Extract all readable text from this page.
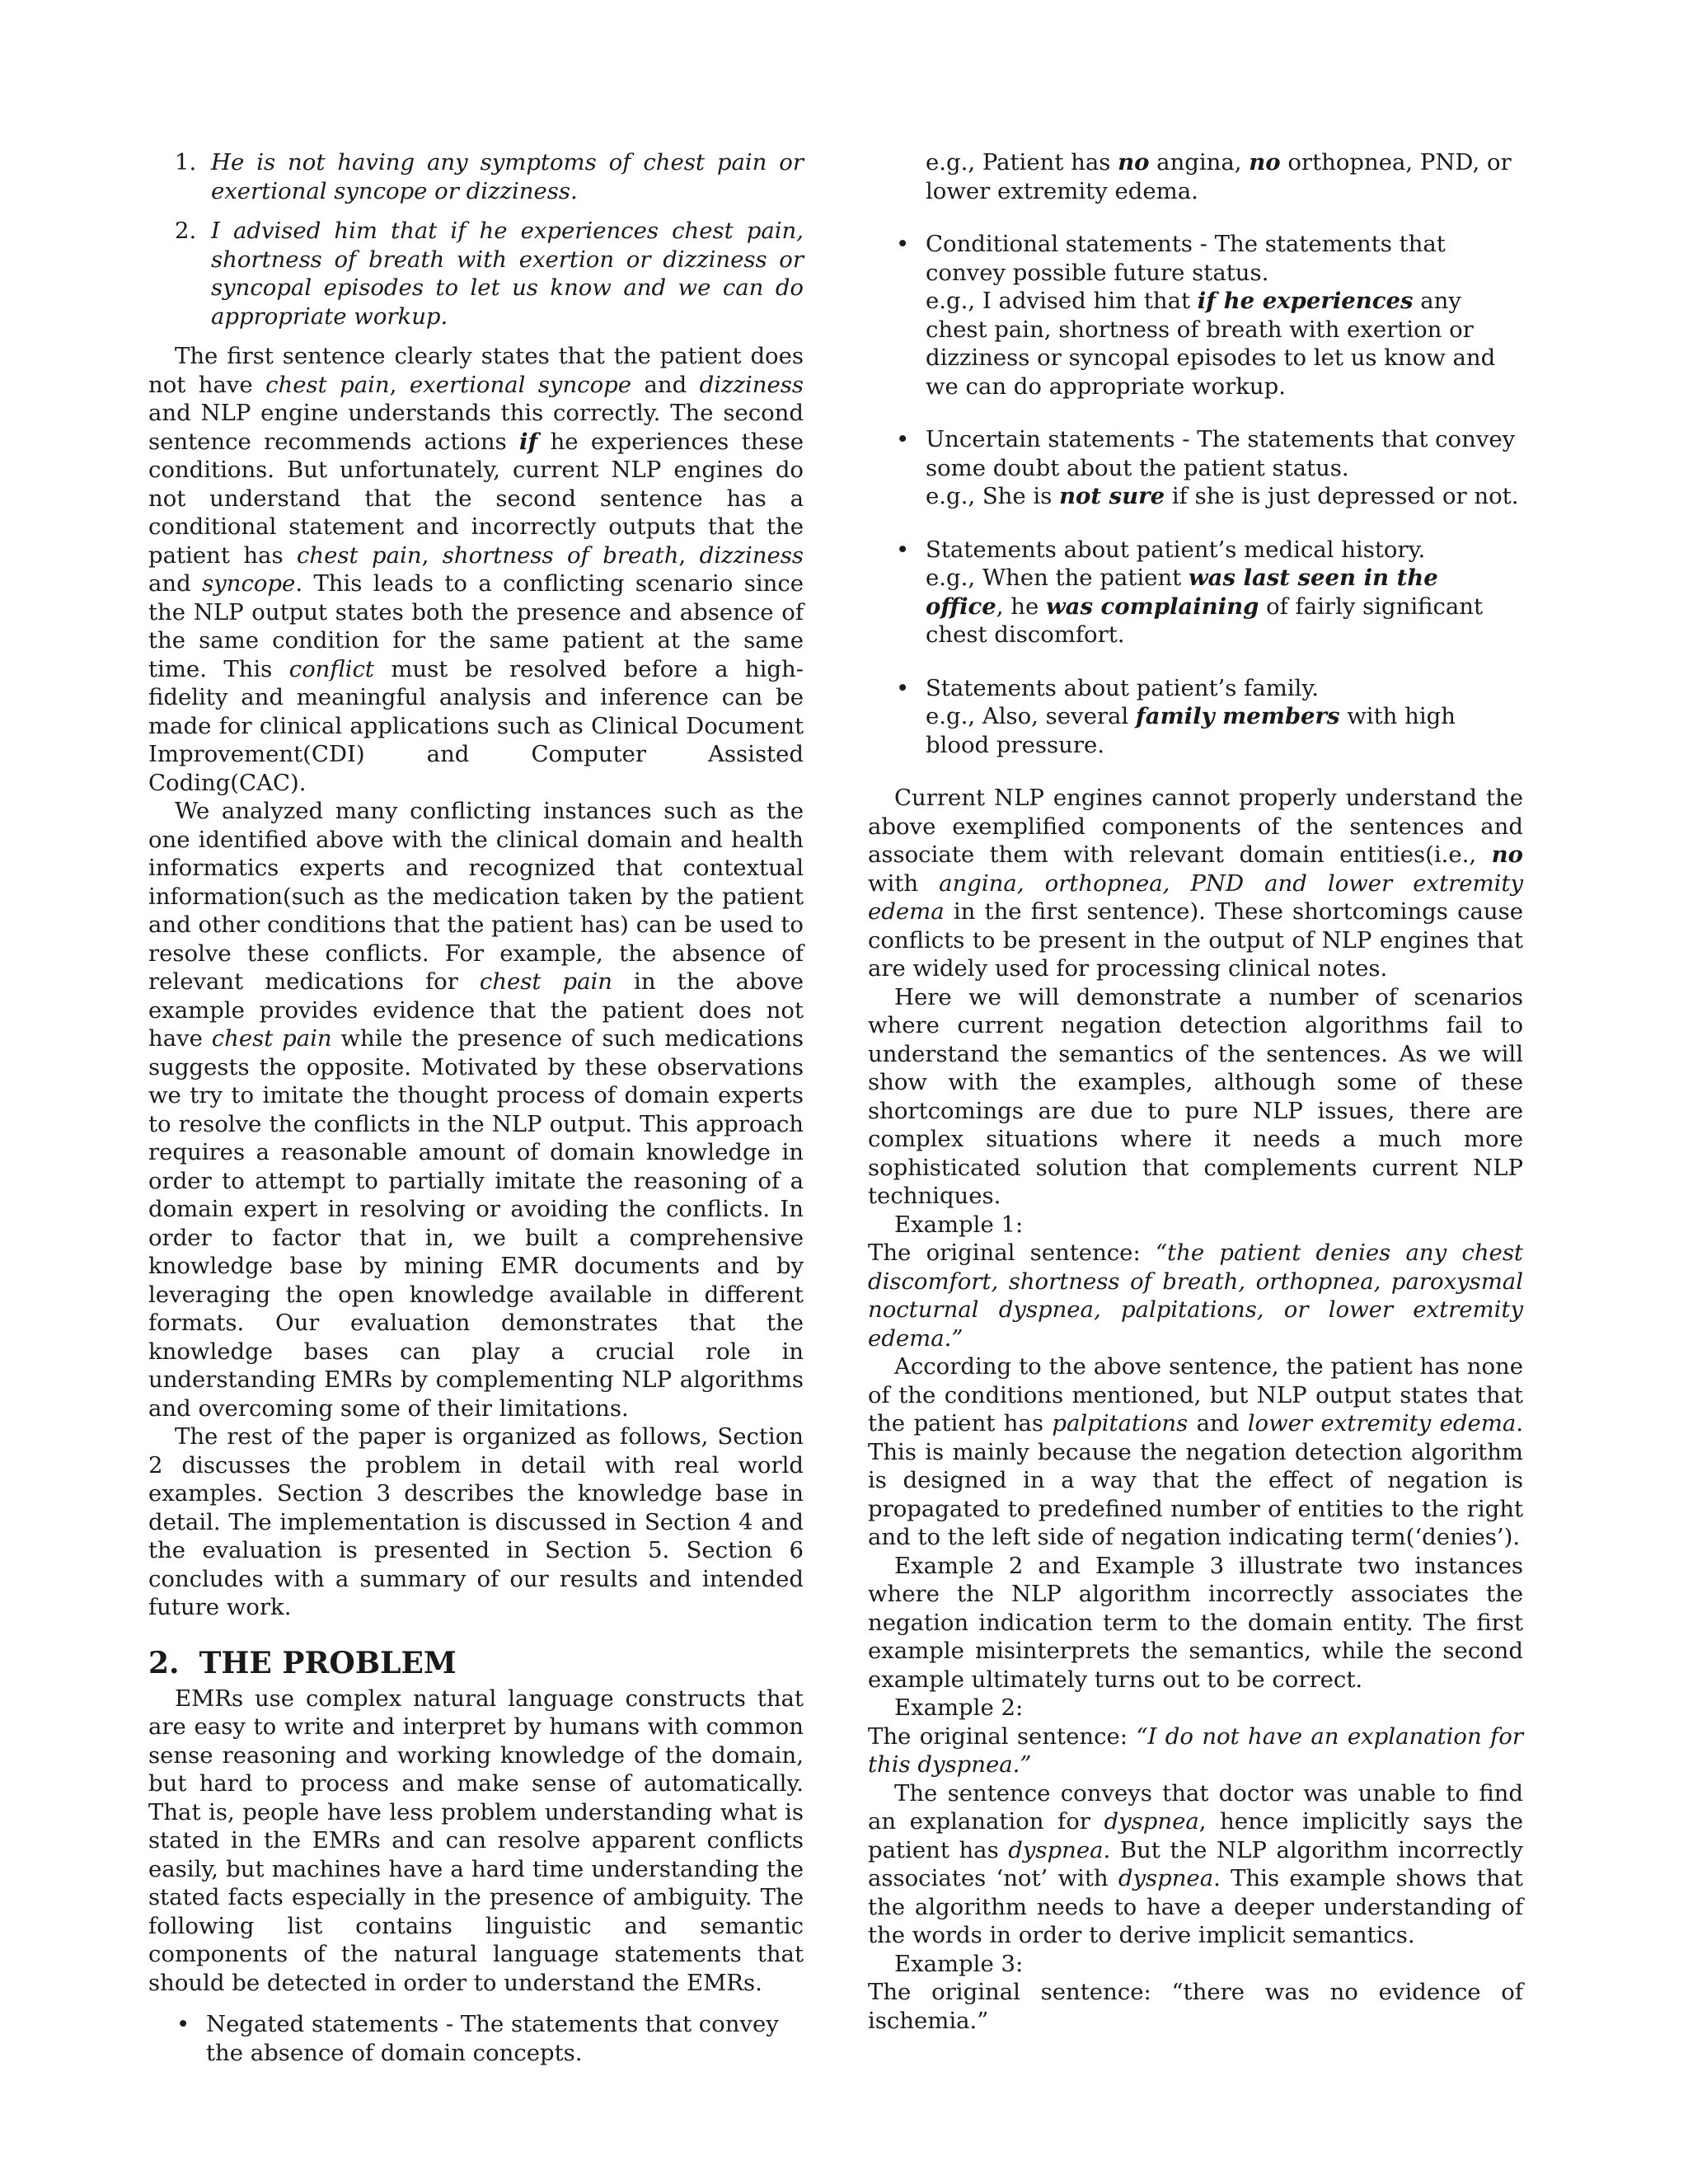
1. He is not having any symptoms of chest pain or exertional syncope or dizziness.
2. I advised him that if he experiences chest pain, shortness of breath with exertion or dizziness or syncopal episodes to let us know and we can do appropriate workup.

The first sentence clearly states that the patient does not have chest pain, exertional syncope and dizziness and NLP engine understands this correctly. The second sentence recommends actions if he experiences these conditions. But unfortunately, current NLP engines do not understand that the second sentence has a conditional statement and incorrectly outputs that the patient has chest pain, shortness of breath, dizziness and syncope. This leads to a conflicting scenario since the NLP output states both the presence and absence of the same condition for the same patient at the same time. This conflict must be resolved before a high-fidelity and meaningful analysis and inference can be made for clinical applications such as Clinical Document Improvement(CDI) and Computer Assisted Coding(CAC).

We analyzed many conflicting instances such as the one identified above with the clinical domain and health informatics experts and recognized that contextual information(such as the medication taken by the patient and other conditions that the patient has) can be used to resolve these conflicts. For example, the absence of relevant medications for chest pain in the above example provides evidence that the patient does not have chest pain while the presence of such medications suggests the opposite. Motivated by these observations we try to imitate the thought process of domain experts to resolve the conflicts in the NLP output. This approach requires a reasonable amount of domain knowledge in order to attempt to partially imitate the reasoning of a domain expert in resolving or avoiding the conflicts. In order to factor that in, we built a comprehensive knowledge base by mining EMR documents and by leveraging the open knowledge available in different formats. Our evaluation demonstrates that the knowledge bases can play a crucial role in understanding EMRs by complementing NLP algorithms and overcoming some of their limitations.

The rest of the paper is organized as follows, Section 2 discusses the problem in detail with real world examples. Section 3 describes the knowledge base in detail. The implementation is discussed in Section 4 and the evaluation is presented in Section 5. Section 6 concludes with a summary of our results and intended future work.

2. THE PROBLEM

EMRs use complex natural language constructs that are easy to write and interpret by humans with common sense reasoning and working knowledge of the domain, but hard to process and make sense of automatically. That is, people have less problem understanding what is stated in the EMRs and can resolve apparent conflicts easily, but machines have a hard time understanding the stated facts especially in the presence of ambiguity. The following list contains linguistic and semantic components of the natural language statements that should be detected in order to understand the EMRs.

• Negated statements - The statements that convey the absence of domain concepts.
e.g., Patient has no angina, no orthopnea, PND, or lower extremity edema.
• Conditional statements - The statements that convey possible future status.
e.g., I advised him that if he experiences any chest pain, shortness of breath with exertion or dizziness or syncopal episodes to let us know and we can do appropriate workup.
• Uncertain statements - The statements that convey some doubt about the patient status.
e.g., She is not sure if she is just depressed or not.
• Statements about patient’s medical history.
e.g., When the patient was last seen in the office, he was complaining of fairly significant chest discomfort.
• Statements about patient’s family.
e.g., Also, several family members with high blood pressure.

Current NLP engines cannot properly understand the above exemplified components of the sentences and associate them with relevant domain entities(i.e., no with angina, orthopnea, PND and lower extremity edema in the first sentence). These shortcomings cause conflicts to be present in the output of NLP engines that are widely used for processing clinical notes.

Here we will demonstrate a number of scenarios where current negation detection algorithms fail to understand the semantics of the sentences. As we will show with the examples, although some of these shortcomings are due to pure NLP issues, there are complex situations where it needs a much more sophisticated solution that complements current NLP techniques.

Example 1:

The original sentence: “the patient denies any chest discomfort, shortness of breath, orthopnea, paroxysmal nocturnal dyspnea, palpitations, or lower extremity edema.”

According to the above sentence, the patient has none of the conditions mentioned, but NLP output states that the patient has palpitations and lower extremity edema. This is mainly because the negation detection algorithm is designed in a way that the effect of negation is propagated to predefined number of entities to the right and to the left side of negation indicating term(‘denies’).

Example 2 and Example 3 illustrate two instances where the NLP algorithm incorrectly associates the negation indication term to the domain entity. The first example misinterprets the semantics, while the second example ultimately turns out to be correct.

Example 2:

The original sentence: “I do not have an explanation for this dyspnea.”

The sentence conveys that doctor was unable to find an explanation for dyspnea, hence implicitly says the patient has dyspnea. But the NLP algorithm incorrectly associates ‘not’ with dyspnea. This example shows that the algorithm needs to have a deeper understanding of the words in order to derive implicit semantics.

Example 3:

The original sentence: “there was no evidence of ischemia.”
